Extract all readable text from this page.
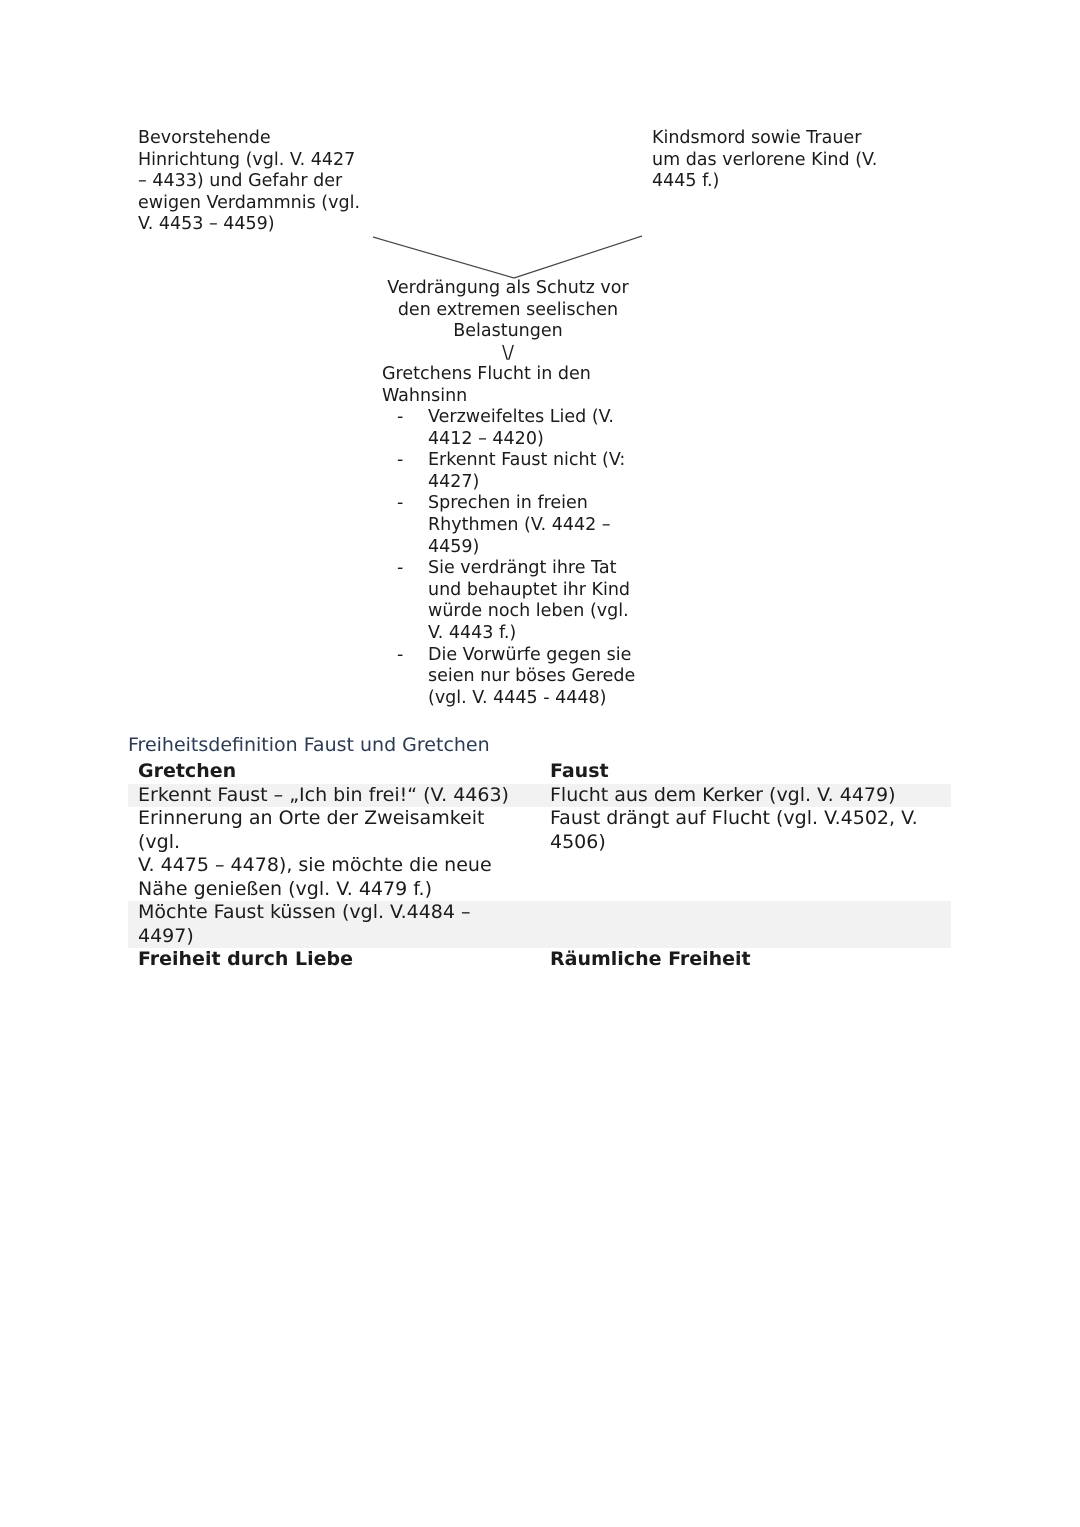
Bevorstehende
Hinrichtung (vgl. V. 4427
– 4433) und Gefahr der
ewigen Verdammnis (vgl.
V. 4453 – 4459)
Kindsmord sowie Trauer
um das verlorene Kind (V.
4445 f.)
Verdrängung als Schutz vor
den extremen seelischen
Belastungen
\/
Gretchens Flucht in den
Wahnsinn
- Verzweifeltes Lied (V.
4412 – 4420)
- Erkennt Faust nicht (V:
4427)
- Sprechen in freien
Rhythmen (V. 4442 –
4459)
- Sie verdrängt ihre Tat
und behauptet ihr Kind
würde noch leben (vgl.
V. 4443 f.)
- Die Vorwürfe gegen sie
seien nur böses Gerede
(vgl. V. 4445 - 4448)
Freiheitsdefinition Faust und Gretchen
Gretchen	Faust
Erkennt Faust – „Ich bin frei!“ (V. 4463)	Flucht aus dem Kerker (vgl. V. 4479)
Erinnerung an Orte der Zweisamkeit (vgl.
V. 4475 – 4478), sie möchte die neue
Nähe genießen (vgl. V. 4479 f.)	Faust drängt auf Flucht (vgl. V.4502, V.
4506)
Möchte Faust küssen (vgl. V.4484 –
4497)	
Freiheit durch Liebe	Räumliche Freiheit
